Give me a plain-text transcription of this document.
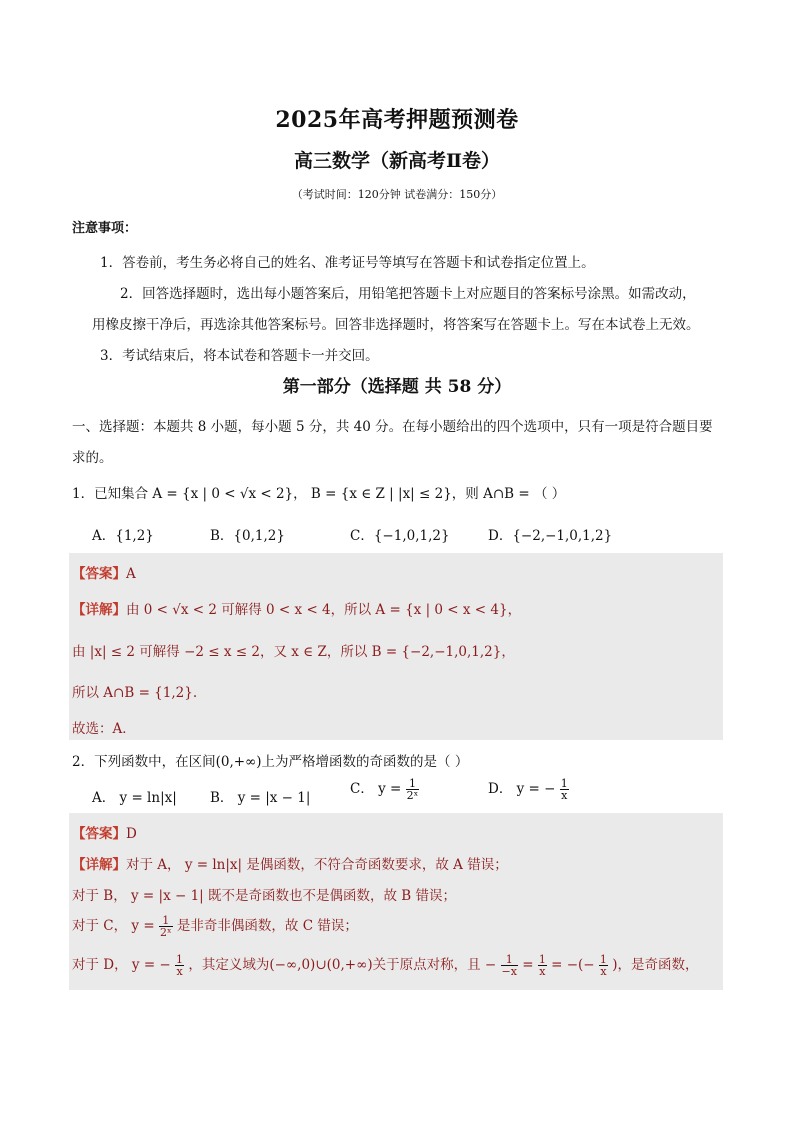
2025年高考押题预测卷
高三数学（新高考Ⅱ卷）
（考试时间：120分钟 试卷满分：150分）
注意事项：
1．答卷前，考生务必将自己的姓名、准考证号等填写在答题卡和试卷指定位置上。
2．回答选择题时，选出每小题答案后，用铅笔把答题卡上对应题目的答案标号涂黑。如需改动，
用橡皮擦干净后，再选涂其他答案标号。回答非选择题时，将答案写在答题卡上。写在本试卷上无效。
3．考试结束后，将本试卷和答题卡一并交回。
第一部分（选择题 共 58 分）
一、选择题：本题共 8 小题，每小题 5 分，共 40 分。在每小题给出的四个选项中，只有一项是符合题目要
求的。
1．已知集合 A = {x | 0 < √x < 2}， B = {x ∈ Z | |x| ≤ 2}，则 A∩B = （ ）
A．{1,2}	B．{0,1,2}	C．{−1,0,1,2}	D．{−2,−1,0,1,2}
【答案】A
【详解】由 0 < √x < 2 可解得 0 < x < 4，所以 A = {x | 0 < x < 4}，
由 |x| ≤ 2 可解得 −2 ≤ x ≤ 2，又 x ∈ Z，所以 B = {−2,−1,0,1,2}，
所以 A∩B = {1,2}.
故选：A．
2．下列函数中，在区间(0,+∞)上为严格增函数的奇函数的是（ ）
A． y = ln|x| B． y = |x − 1|
C． $y = \frac{1}{\text{2ˣ}}$	D． y = − $\frac{1}{x}$
【答案】D
【详解】对于 A， y = ln|x| 是偶函数，不符合奇函数要求，故 A 错误；
对于 B， y = |x − 1| 既不是奇函数也不是偶函数，故 B 错误；
对于 C， $y = \frac{1}{\text{2ˣ}}$ 是非奇非偶函数，故 C 错误；
对于 D， y = − $\frac{1}{x}$ ，其定义域为(−∞,0)∪(0,+∞)关于原点对称，且 − $\frac{1}{-x} = \frac{1}{x}$ = −(− $\frac{1}{x}$ )，是奇函数，
